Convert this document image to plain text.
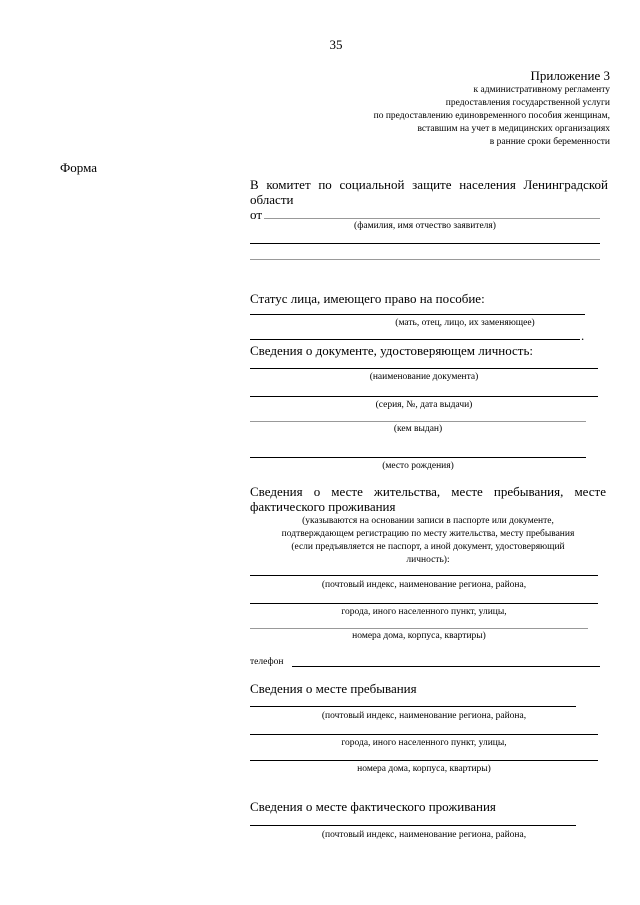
35
Приложение 3
к административному регламенту
предоставления государственной услуги
по предоставлению единовременного пособия женщинам,
вставшим на учет в медицинских организациях
в ранние сроки беременности
Форма
В комитет по социальной защите населения Ленинградской
области
от
(фамилия, имя отчество заявителя)
Статус лица, имеющего право на пособие:
(мать, отец, лицо, их заменяющее)
.
Сведения о документе, удостоверяющем личность:
(наименование документа)
(серия, №, дата выдачи)
(кем выдан)
(место рождения)
Сведения о месте жительства, месте пребывания, месте
фактического проживания
(указываются на основании записи в паспорте или документе,
подтверждающем регистрацию по месту жительства, месту пребывания
(если предъявляется не паспорт, а иной документ, удостоверяющий
личность):
(почтовый индекс, наименование региона, района,
города, иного населенного пункт, улицы,
номера дома, корпуса, квартиры)
телефон
Сведения о месте пребывания
(почтовый индекс, наименование региона, района,
города, иного населенного пункт, улицы,
номера дома, корпуса, квартиры)
Сведения о месте фактического проживания
(почтовый индекс, наименование региона, района,
